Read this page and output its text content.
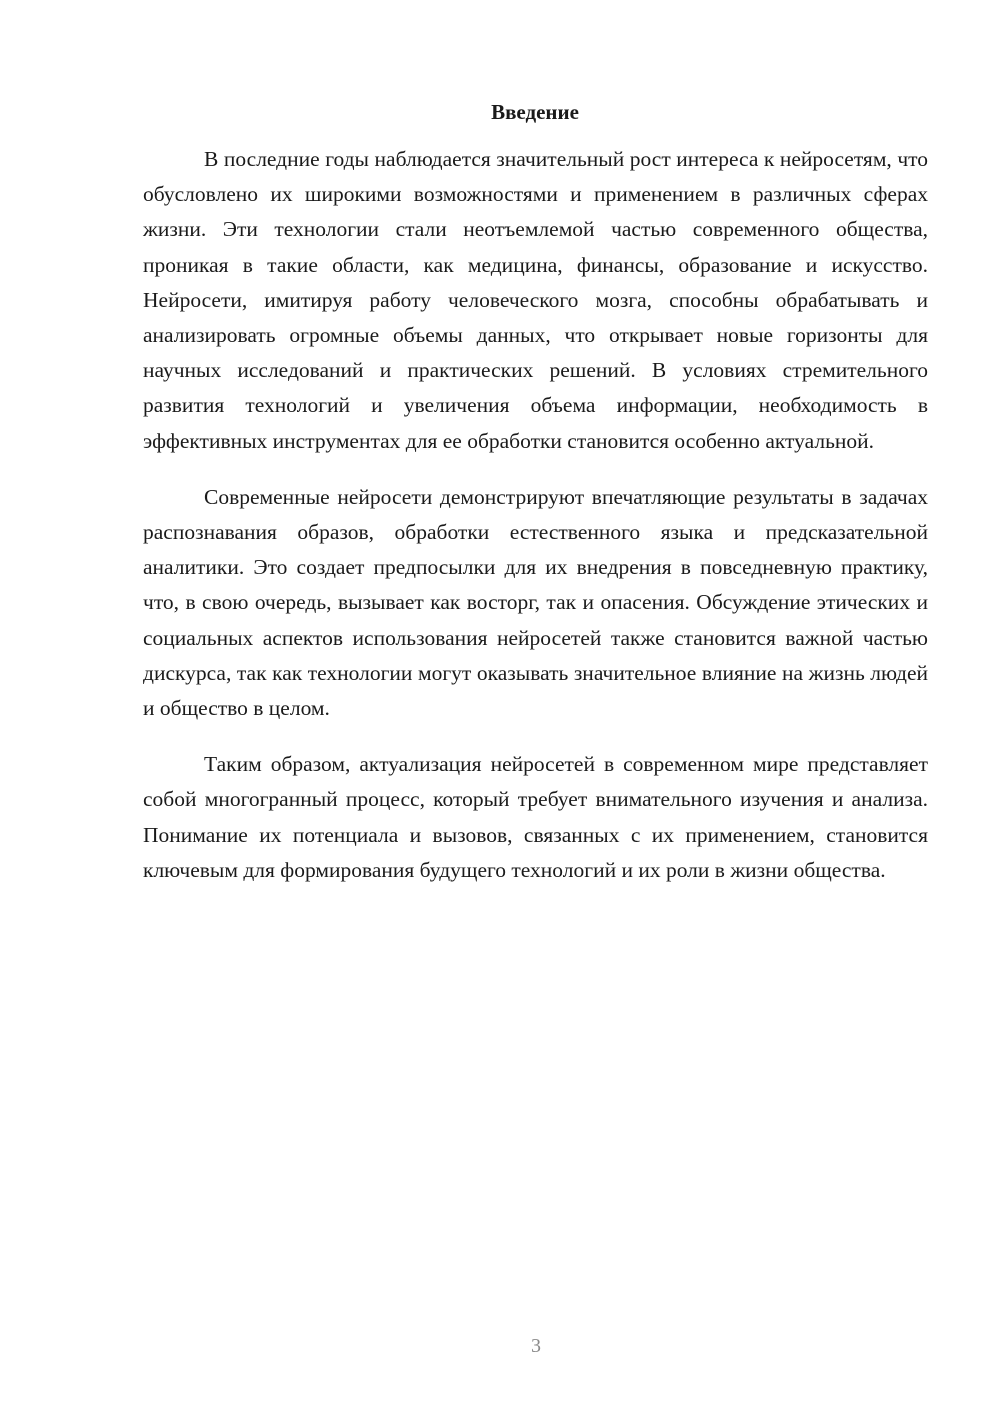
Введение

В последние годы наблюдается значительный рост интереса к нейросетям, что обусловлено их широкими возможностями и применением в различных сферах жизни. Эти технологии стали неотъемлемой частью современного общества, проникая в такие области, как медицина, финансы, образование и искусство. Нейросети, имитируя работу человеческого мозга, способны обрабатывать и анализировать огромные объемы данных, что открывает новые горизонты для научных исследований и практических решений. В условиях стремительного развития технологий и увеличения объема информации, необходимость в эффективных инструментах для ее обработки становится особенно актуальной.

Современные нейросети демонстрируют впечатляющие результаты в задачах распознавания образов, обработки естественного языка и предсказательной аналитики. Это создает предпосылки для их внедрения в повседневную практику, что, в свою очередь, вызывает как восторг, так и опасения. Обсуждение этических и социальных аспектов использования нейросетей также становится важной частью дискурса, так как технологии могут оказывать значительное влияние на жизнь людей и общество в целом.

Таким образом, актуализация нейросетей в современном мире представляет собой многогранный процесс, который требует внимательного изучения и анализа. Понимание их потенциала и вызовов, связанных с их применением, становится ключевым для формирования будущего технологий и их роли в жизни общества.

3
